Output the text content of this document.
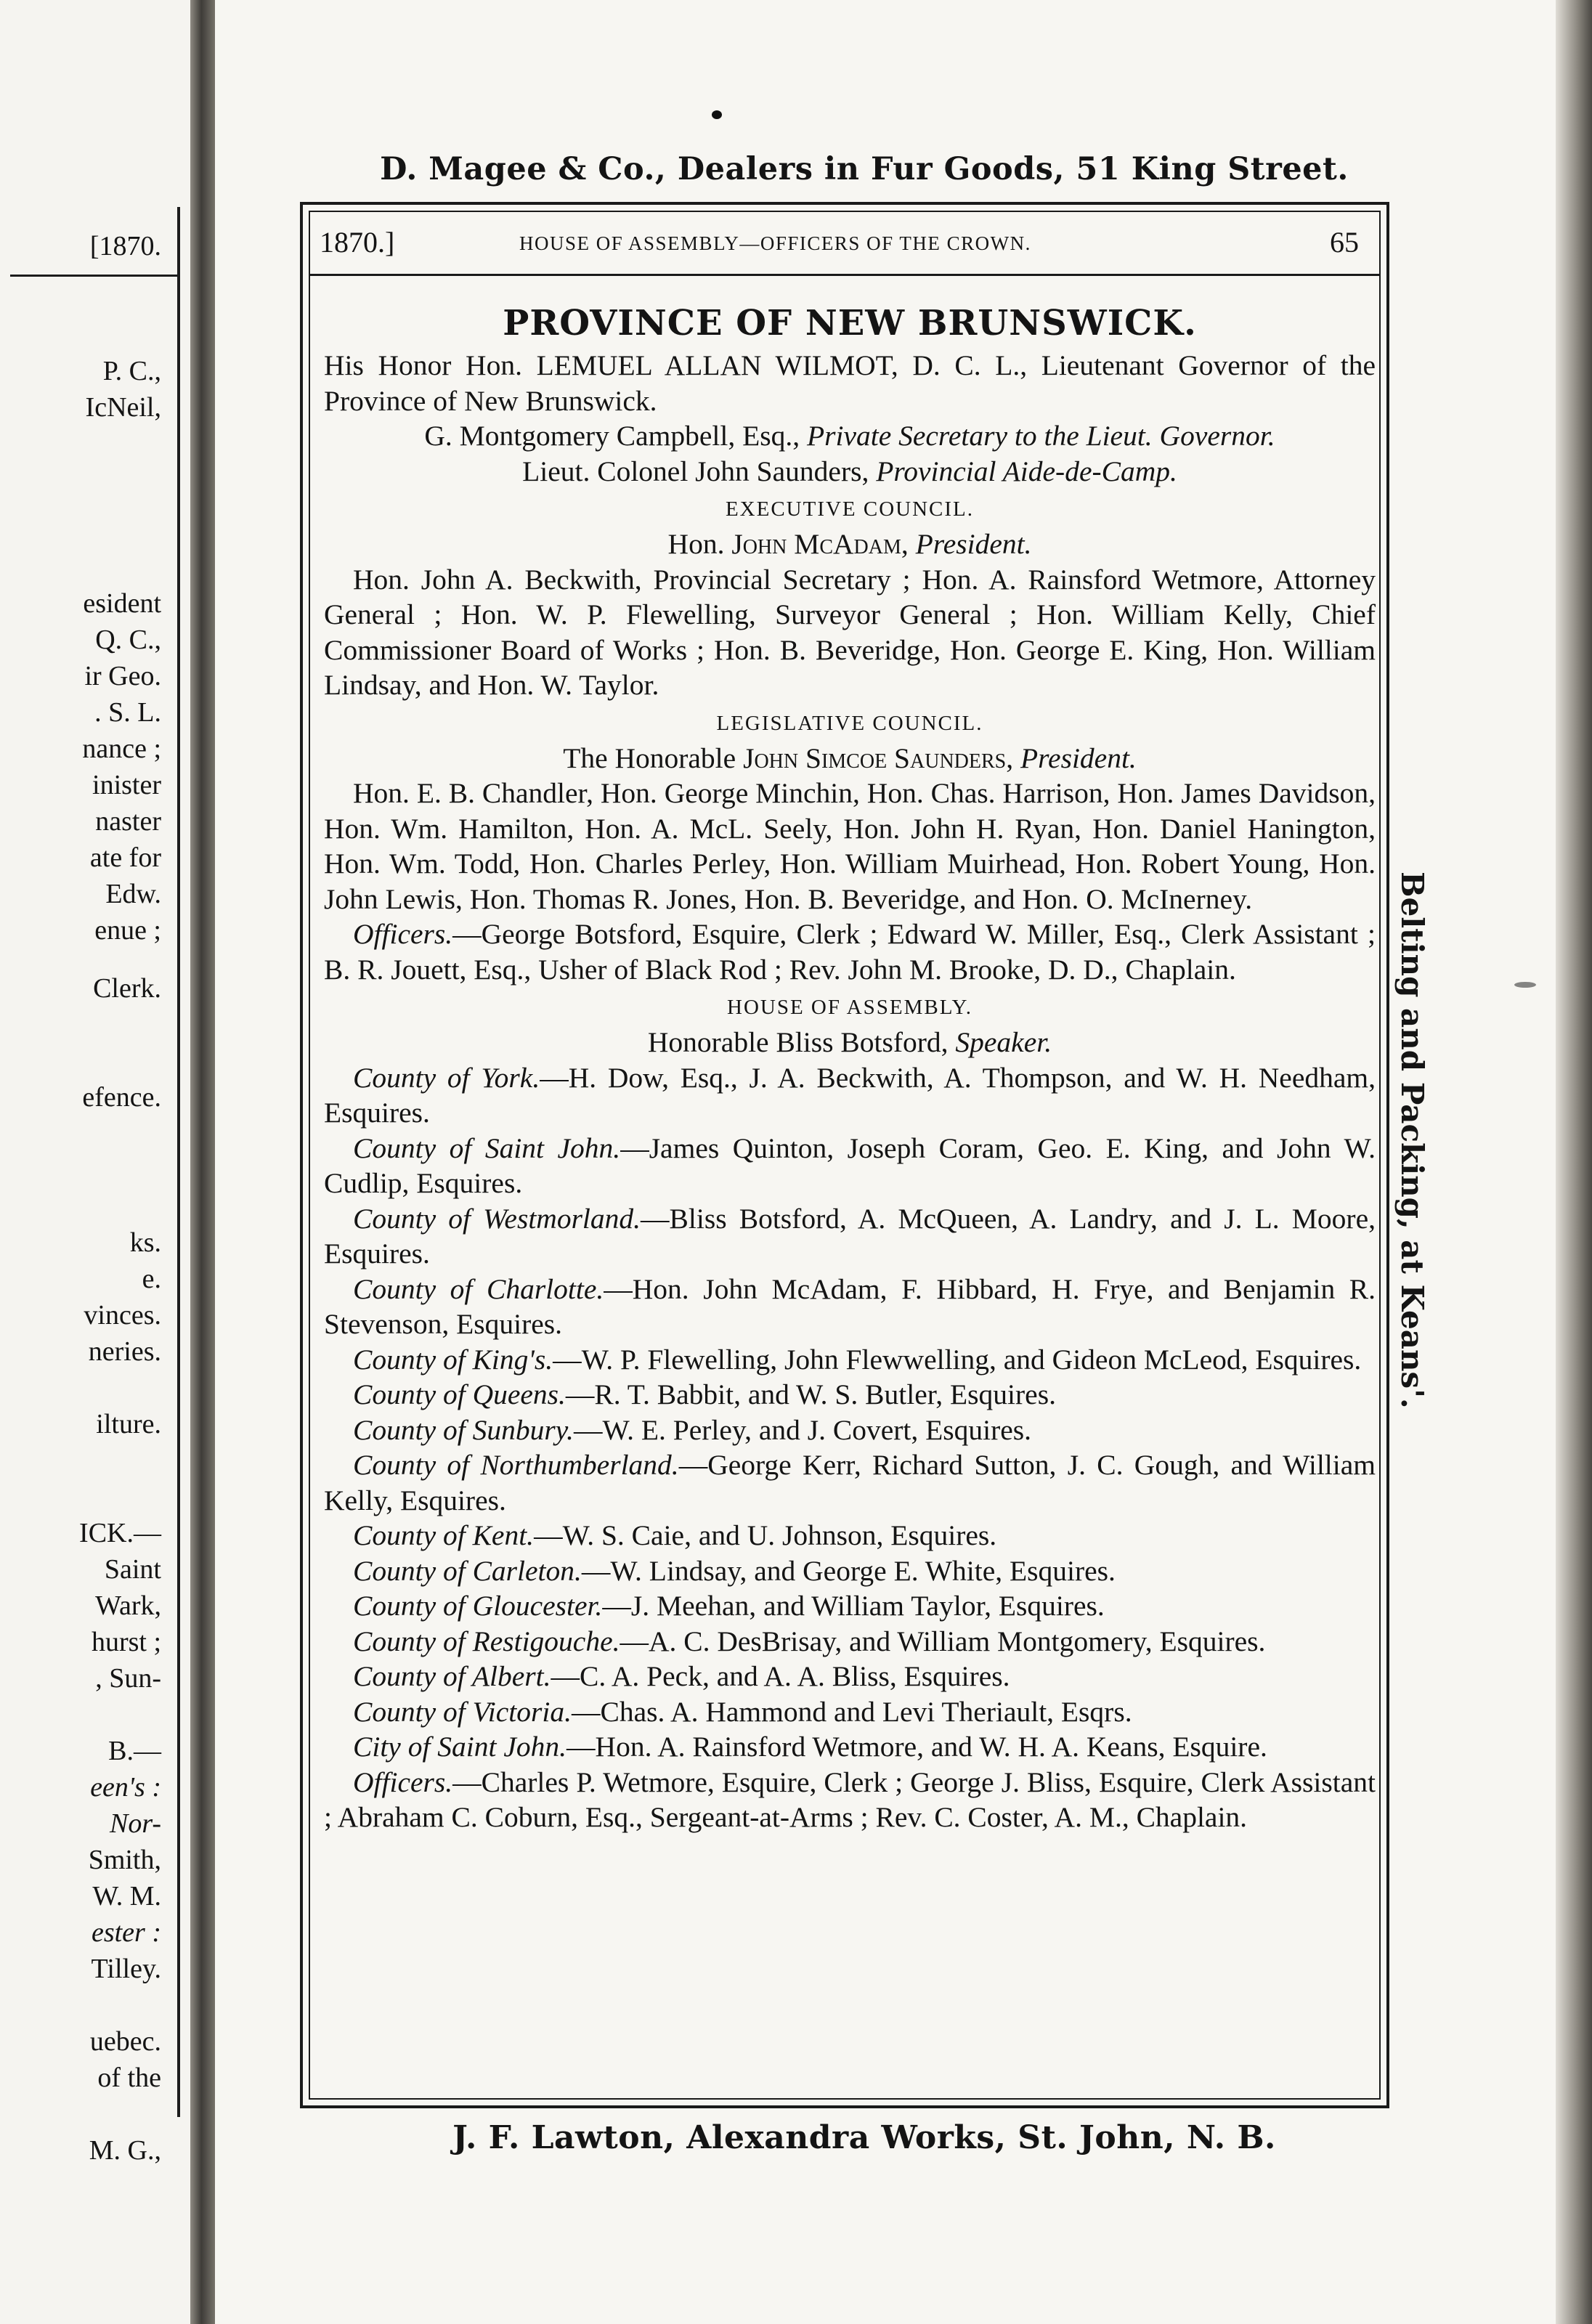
[1870.
P. C.,
IcNeil,
esident
Q. C.,
ir Geo.
. S. L.
nance ;
inister
naster
ate for
Edw.
enue ;
Clerk.
efence.
ks.
e.
vinces.
neries.
ilture.
ICK.—
Saint
Wark,
hurst ;
, Sun-
B.—
een's :
Nor-
Smith,
W. M.
ester :
Tilley.
uebec.
of the
M. G.,
D. Magee & Co., Dealers in Fur Goods, 51 King Street.
1870.]	HOUSE OF ASSEMBLY—OFFICERS OF THE CROWN.	65
Belting and Packing, at Keans'.
PROVINCE OF NEW BRUNSWICK.
His Honor Hon. LEMUEL ALLAN WILMOT, D. C. L., Lieutenant Governor of the Province of New Brunswick.
G. Montgomery Campbell, Esq., Private Secretary to the Lieut. Governor.
Lieut. Colonel John Saunders, Provincial Aide-de-Camp.
EXECUTIVE COUNCIL.
Hon. John McAdam, President.
Hon. John A. Beckwith, Provincial Secretary ; Hon. A. Rainsford Wetmore, Attorney General ; Hon. W. P. Flewelling, Surveyor General ; Hon. William Kelly, Chief Commissioner Board of Works ; Hon. B. Beveridge, Hon. George E. King, Hon. William Lindsay, and Hon. W. Taylor.
LEGISLATIVE COUNCIL.
The Honorable John Simcoe Saunders, President.
Hon. E. B. Chandler, Hon. George Minchin, Hon. Chas. Harrison, Hon. James Davidson, Hon. Wm. Hamilton, Hon. A. McL. Seely, Hon. John H. Ryan, Hon. Daniel Hanington, Hon. Wm. Todd, Hon. Charles Perley, Hon. William Muirhead, Hon. Robert Young, Hon. John Lewis, Hon. Thomas R. Jones, Hon. B. Beveridge, and Hon. O. McInerney.
Officers.—George Botsford, Esquire, Clerk ; Edward W. Miller, Esq., Clerk Assistant ; B. R. Jouett, Esq., Usher of Black Rod ; Rev. John M. Brooke, D. D., Chaplain.
HOUSE OF ASSEMBLY.
Honorable Bliss Botsford, Speaker.
County of York.—H. Dow, Esq., J. A. Beckwith, A. Thompson, and W. H. Needham, Esquires.
County of Saint John.—James Quinton, Joseph Coram, Geo. E. King, and John W. Cudlip, Esquires.
County of Westmorland.—Bliss Botsford, A. McQueen, A. Landry, and J. L. Moore, Esquires.
County of Charlotte.—Hon. John McAdam, F. Hibbard, H. Frye, and Benjamin R. Stevenson, Esquires.
County of King's.—W. P. Flewelling, John Flewwelling, and Gideon McLeod, Esquires.
County of Queens.—R. T. Babbit, and W. S. Butler, Esquires.
County of Sunbury.—W. E. Perley, and J. Covert, Esquires.
County of Northumberland.—George Kerr, Richard Sutton, J. C. Gough, and William Kelly, Esquires.
County of Kent.—W. S. Caie, and U. Johnson, Esquires.
County of Carleton.—W. Lindsay, and George E. White, Esquires.
County of Gloucester.—J. Meehan, and William Taylor, Esquires.
County of Restigouche.—A. C. DesBrisay, and William Montgomery, Esquires.
County of Albert.—C. A. Peck, and A. A. Bliss, Esquires.
County of Victoria.—Chas. A. Hammond and Levi Theriault, Esqrs.
City of Saint John.—Hon. A. Rainsford Wetmore, and W. H. A. Keans, Esquire.
Officers.—Charles P. Wetmore, Esquire, Clerk ; George J. Bliss, Esquire, Clerk Assistant ; Abraham C. Coburn, Esq., Sergeant-at-Arms ; Rev. C. Coster, A. M., Chaplain.
J. F. Lawton, Alexandra Works, St. John, N. B.
